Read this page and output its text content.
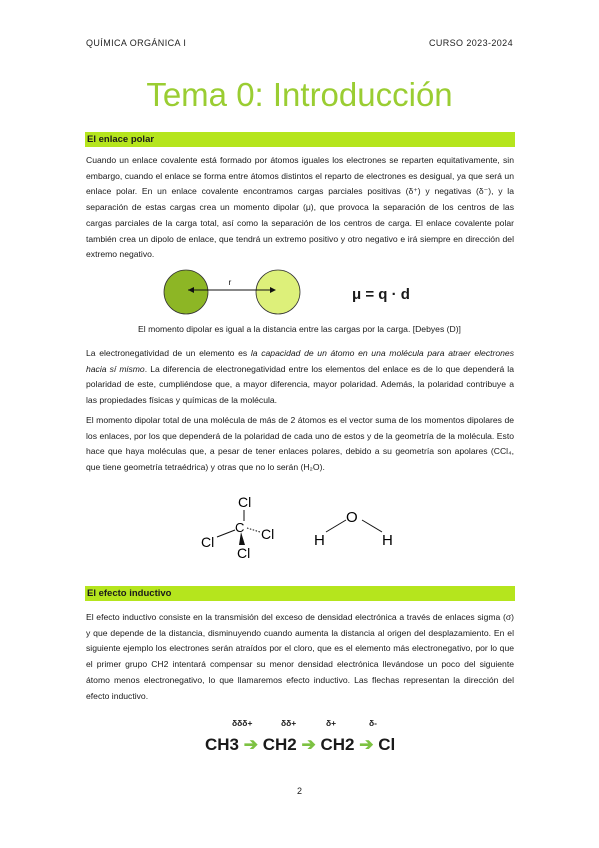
QUÍMICA ORGÁNICA I	CURSO 2023-2024
Tema 0: Introducción
El enlace polar

Cuando un enlace covalente está formado por átomos iguales los electrones se reparten equitativamente, sin embargo, cuando el enlace se forma entre átomos distintos el reparto de electrones es desigual, ya que será un enlace polar. En un enlace covalente encontramos cargas parciales positivas (δ⁺) y negativas (δ⁻), y la separación de estas cargas crea un momento dipolar (μ), que provoca la separación de los centros de las cargas parciales de la carga total, así como la separación de los centros de carga. El enlace covalente polar también crea un dipolo de enlace, que tendrá un extremo positivo y otro negativo e irá siempre en dirección del extremo negativo.

r
μ = q · d
El momento dipolar es igual a la distancia entre las cargas por la carga. [Debyes (D)]

La electronegatividad de un elemento es la capacidad de un átomo en una molécula para atraer electrones hacia sí mismo. La diferencia de electronegatividad entre los elementos del enlace es de lo que dependerá la polaridad de este, cumpliéndose que, a mayor diferencia, mayor polaridad. Además, la polaridad contribuye a las propiedades físicas y químicas de la molécula.

El momento dipolar total de una molécula de más de 2 átomos es el vector suma de los momentos dipolares de los enlaces, por los que dependerá de la polaridad de cada uno de estos y de la geometría de la molécula. Esto hace que haya moléculas que, a pesar de tener enlaces polares, debido a su geometría son apolares (CCl₄, que tiene geometría tetraédrica) y otras que no lo serán (H₂O).

Cl
C
Cl	Cl
Cl
H
O
H
El efecto inductivo

El efecto inductivo consiste en la transmisión del exceso de densidad electrónica a través de enlaces sigma (σ) y que depende de la distancia, disminuyendo cuando aumenta la distancia al origen del desplazamiento. En el siguiente ejemplo los electrones serán atraídos por el cloro, que es el elemento más electronegativo, por lo que el primer grupo CH2 intentará compensar su menor densidad electrónica llevándose un poco del siguiente átomo menos electronegativo, lo que llamaremos efecto inductivo. Las flechas representan la dirección del efecto inductivo.

δδδ+	δδ+	δ+	δ-
CH3 ➔ CH2 ➔ CH2 ➔ Cl
2
